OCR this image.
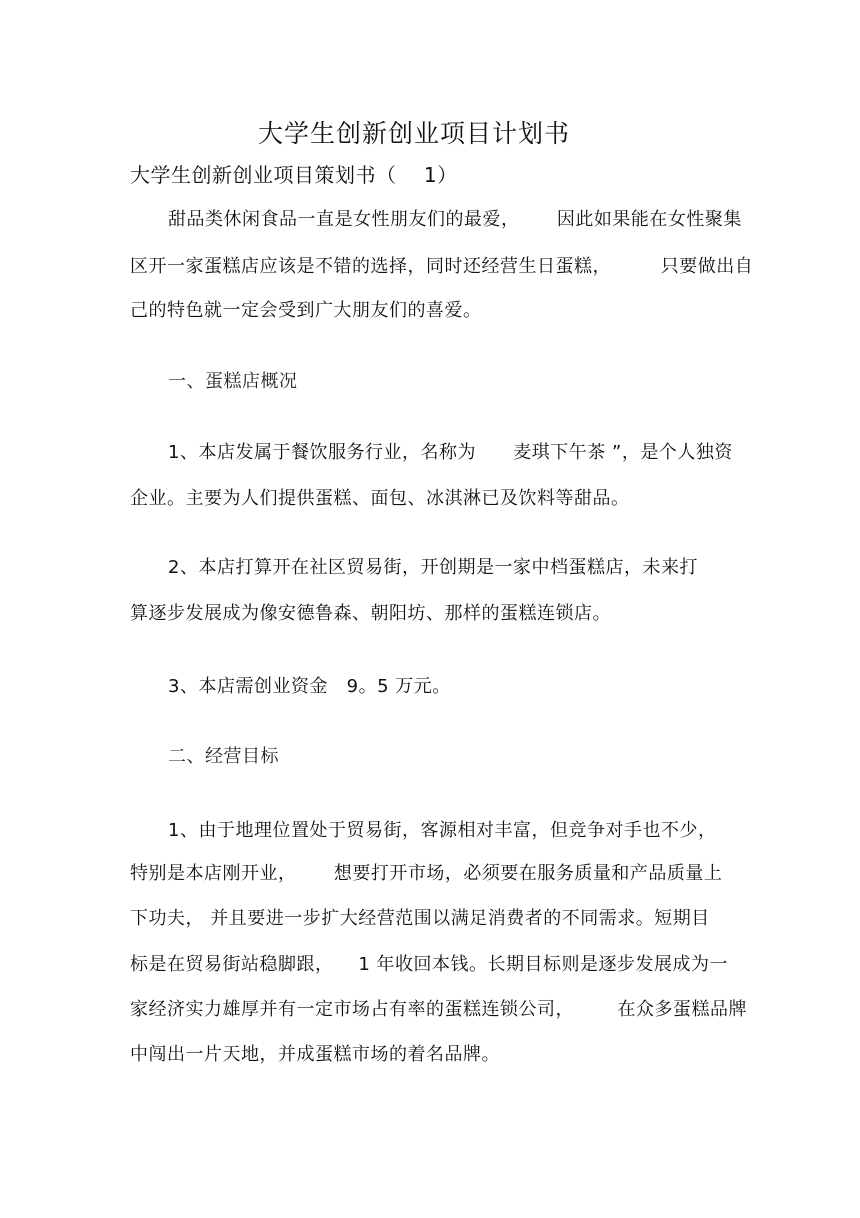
大学生创新创业项目计划书
大学生创新创业项目策划书（    1）
甜品类休闲食品一直是女性朋友们的最爱，      因此如果能在女性聚集
区开一家蛋糕店应该是不错的选择，同时还经营生日蛋糕，        只要做出自
己的特色就一定会受到广大朋友们的喜爱。
一、蛋糕店概况
1、本店发属于餐饮服务行业，名称为      麦琪下午茶 ”，是个人独资
企业。主要为人们提供蛋糕、面包、冰淇淋已及饮料等甜品。
2、本店打算开在社区贸易街，开创期是一家中档蛋糕店，未来打
算逐步发展成为像安德鲁森、朝阳坊、那样的蛋糕连锁店。
3、本店需创业资金   9。5 万元。
二、经营目标
1、由于地理位置处于贸易街，客源相对丰富，但竞争对手也不少，
特别是本店刚开业，      想要打开市场，必须要在服务质量和产品质量上
下功夫， 并且要进一步扩大经营范围以满足消费者的不同需求。短期目
标是在贸易街站稳脚跟，    1 年收回本钱。长期目标则是逐步发展成为一
家经济实力雄厚并有一定市场占有率的蛋糕连锁公司，       在众多蛋糕品牌
中闯出一片天地，并成蛋糕市场的着名品牌。
